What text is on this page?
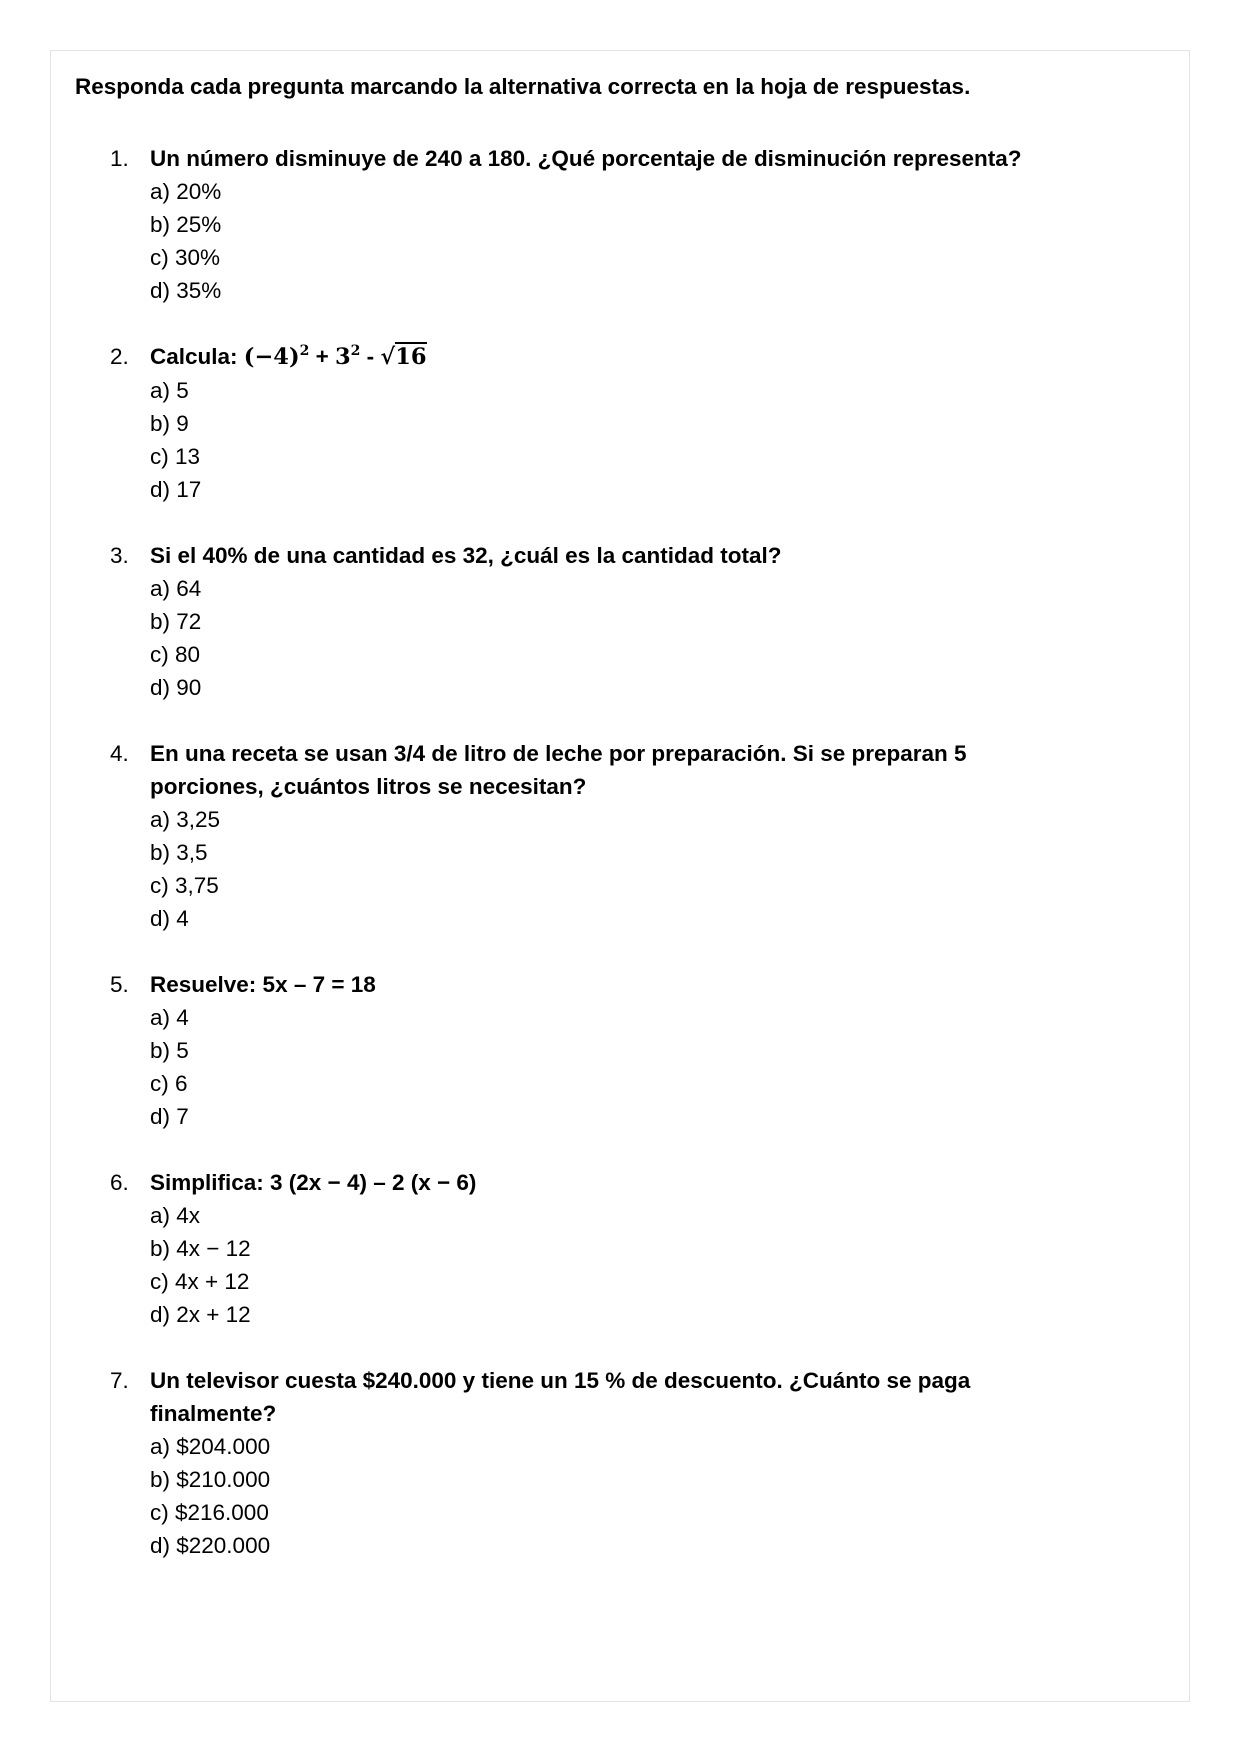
Responda cada pregunta marcando la alternativa correcta en la hoja de respuestas.
1. Un número disminuye de 240 a 180. ¿Qué porcentaje de disminución representa?
a) 20%
b) 25%
c) 30%
d) 35%
2. Calcula: $(-4)^2 + 3^2 - √16$
a) 5
b) 9
c) 13
d) 17
3. Si el 40% de una cantidad es 32, ¿cuál es la cantidad total?
a) 64
b) 72
c) 80
d) 90
4. En una receta se usan 3/4 de litro de leche por preparación. Si se preparan 5 porciones, ¿cuántos litros se necesitan?
a) 3,25
b) 3,5
c) 3,75
d) 4
5. Resuelve: 5x – 7 = 18
a) 4
b) 5
c) 6
d) 7
6. Simplifica: 3 (2x − 4) – 2 (x − 6)
a) 4x
b) 4x − 12
c) 4x + 12
d) 2x + 12
7. Un televisor cuesta $240.000 y tiene un 15 % de descuento. ¿Cuánto se paga finalmente?
a) $204.000
b) $210.000
c) $216.000
d) $220.000
